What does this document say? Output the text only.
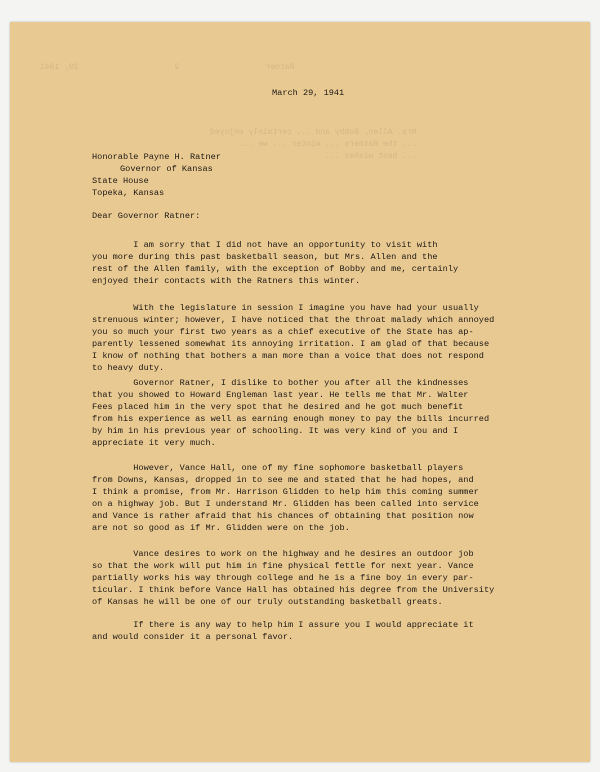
Ratner                  2                    29, 1941
Mrs. Allen, Bobby and ... certainly enjoyed
... the Ratners ... winter ... we ...
... best wishes ...
March 29, 1941
Honorable Payne H. Ratner
Governor of Kansas
State House
Topeka, Kansas
Dear Governor Ratner:
I am sorry that I did not have an opportunity to visit with
you more during this past basketball season, but Mrs. Allen and the
rest of the Allen family, with the exception of Bobby and me, certainly
enjoyed their contacts with the Ratners this winter.
With the legislature in session I imagine you have had your usually
strenuous winter; however, I have noticed that the throat malady which annoyed
you so much your first two years as a chief executive of the State has ap-
parently lessened somewhat its annoying irritation. I am glad of that because
I know of nothing that bothers a man more than a voice that does not respond
to heavy duty.
Governor Ratner, I dislike to bother you after all the kindnesses
that you showed to Howard Engleman last year. He tells me that Mr. Walter
Fees placed him in the very spot that he desired and he got much benefit
from his experience as well as earning enough money to pay the bills incurred
by him in his previous year of schooling. It was very kind of you and I
appreciate it very much.
However, Vance Hall, one of my fine sophomore basketball players
from Downs, Kansas, dropped in to see me and stated that he had hopes, and
I think a promise, from Mr. Harrison Glidden to help him this coming summer
on a highway job. But I understand Mr. Glidden has been called into service
and Vance is rather afraid that his chances of obtaining that position now
are not so good as if Mr. Glidden were on the job.
Vance desires to work on the highway and he desires an outdoor job
so that the work will put him in fine physical fettle for next year. Vance
partially works his way through college and he is a fine boy in every par-
ticular. I think before Vance Hall has obtained his degree from the University
of Kansas he will be one of our truly outstanding basketball greats.
If there is any way to help him I assure you I would appreciate it
and would consider it a personal favor.
